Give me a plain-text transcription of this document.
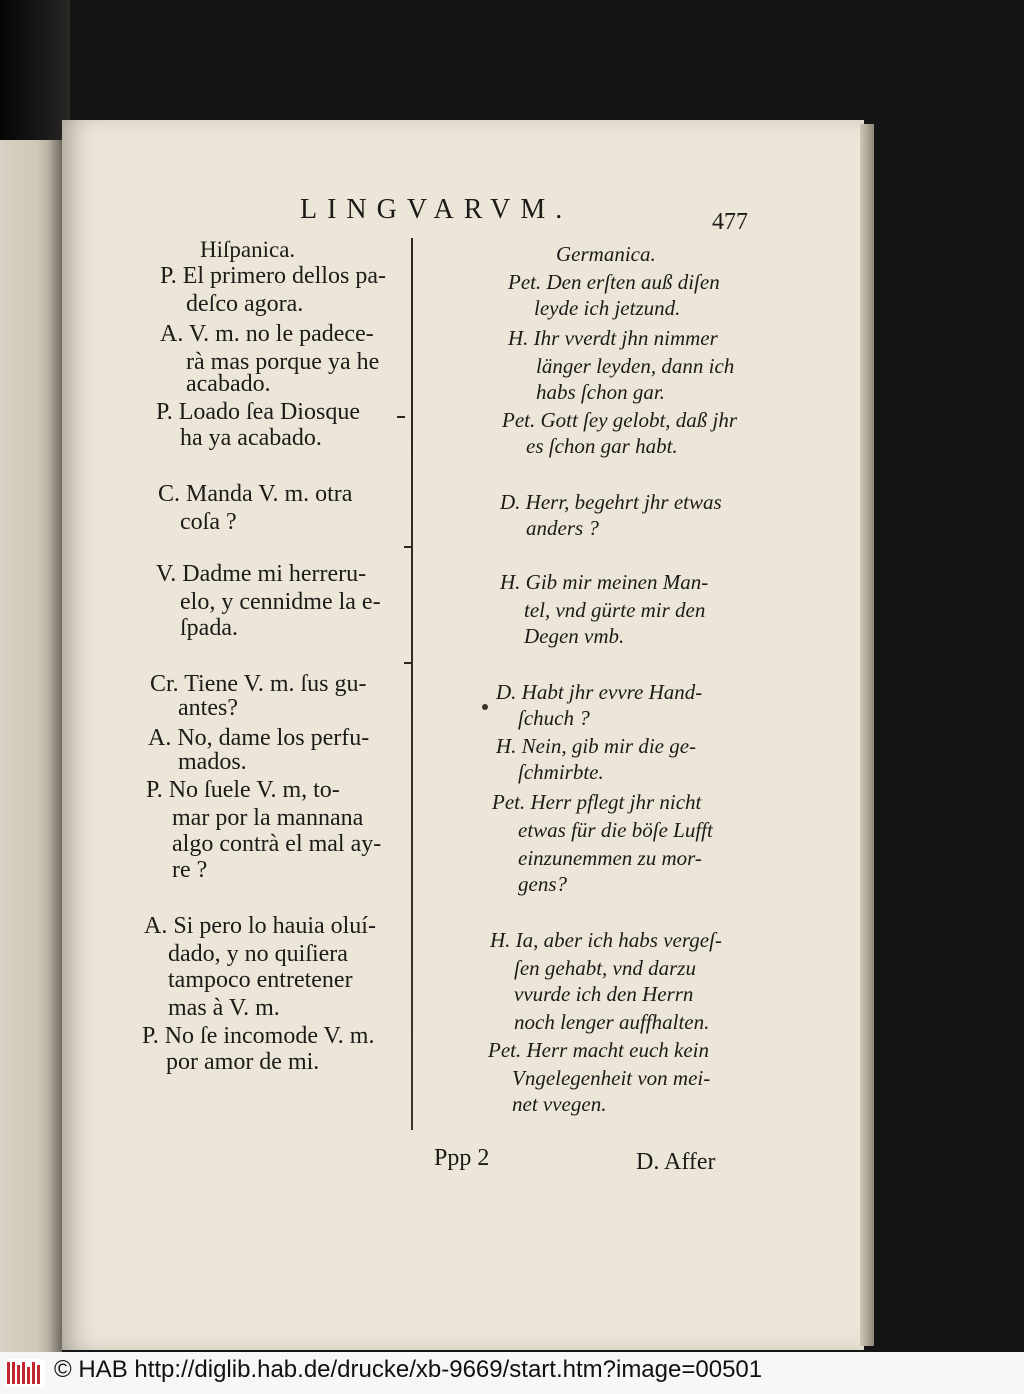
LINGVARVM.	477
Hiſpanica.	Germanica.
P. El primero dellos pa-
deſco agora.
A. V. m. no le padece-
rà mas porque ya he
acabado.
P. Loado ſea Diosque
ha ya acabado.
C. Manda V. m. otra
coſa ?
V. Dadme mi herreru-
elo, y cennidme la e-
ſpada.
Cr. Tiene V. m. ſus gu-
antes?
A. No, dame los perfu-
mados.
P. No ſuele V. m, to-
mar por la mannana
algo contrà el mal ay-
re ?
A. Si pero lo hauia oluí-
dado, y no quiſiera
tampoco entretener
mas à V. m.
P. No ſe incomode V. m.
por amor de mi.
Pet. Den erſten auß diſen
leyde ich jetzund.
H. Ihr vverdt jhn nimmer
länger leyden, dann ich
habs ſchon gar.
Pet. Gott ſey gelobt, daß jhr
es ſchon gar habt.
D. Herr, begehrt jhr etwas
anders ?
H. Gib mir meinen Man-
tel, vnd gürte mir den
Degen vmb.
D. Habt jhr evvre Hand-
ſchuch ?
H. Nein, gib mir die ge-
ſchmirbte.
Pet. Herr pflegt jhr nicht
etwas für die böſe Lufft
einzunemmen zu mor-
gens?
H. Ia, aber ich habs vergeſ-
ſen gehabt, vnd darzu
vvurde ich den Herrn
noch lenger auffhalten.
Pet. Herr macht euch kein
Vngelegenheit von mei-
net vvegen.
Ppp 2	D. Affer
© HAB http://diglib.hab.de/drucke/xb-9669/start.htm?image=00501
